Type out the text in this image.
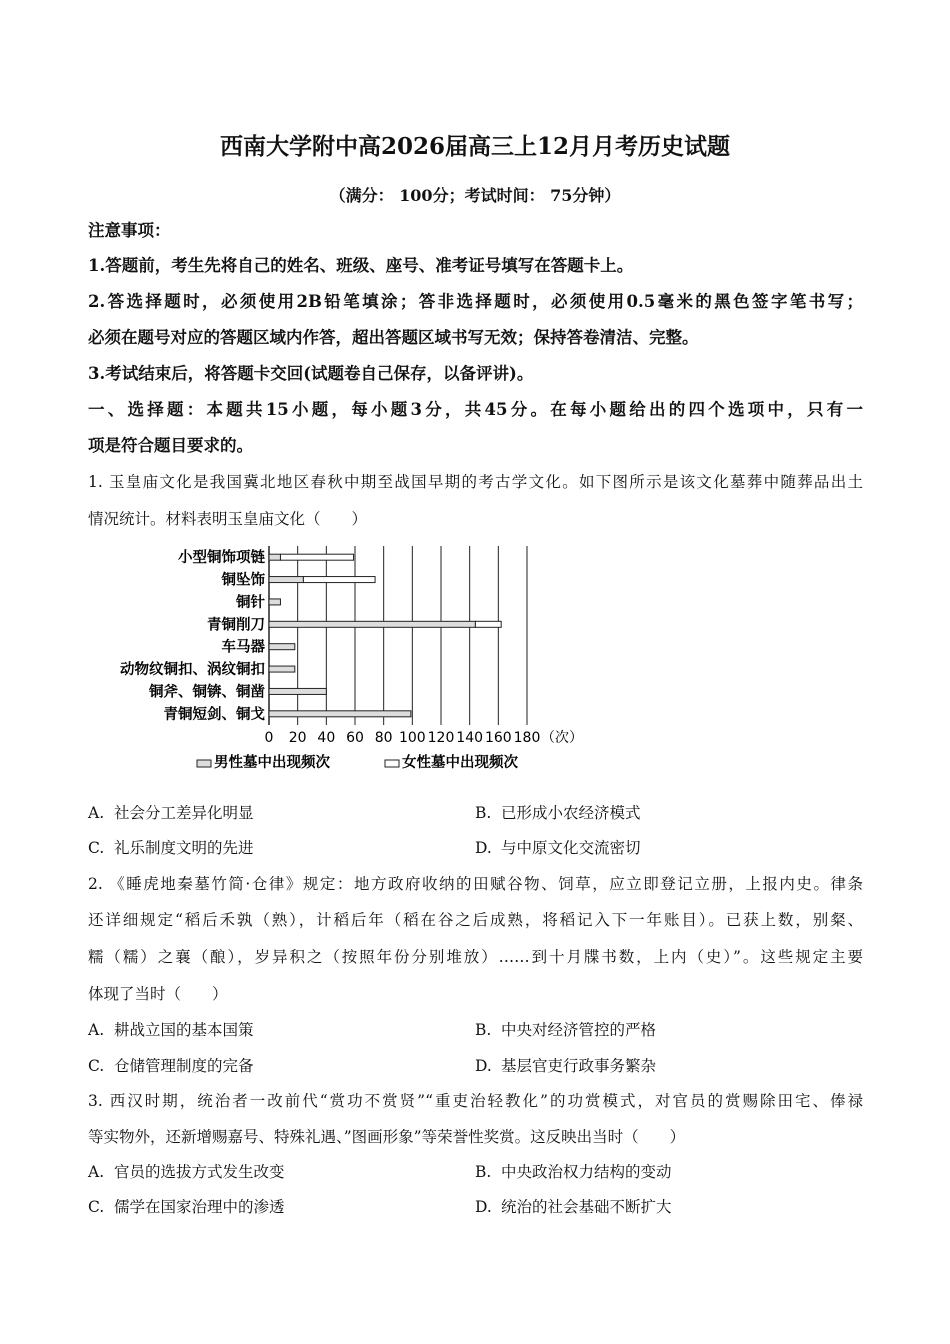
西南大学附中高2026届高三上12月月考历史试题
（满分： 100分；考试时间： 75分钟）
注意事项：
1.答题前，考生先将自己的姓名、班级、座号、准考证号填写在答题卡上。
2.答选择题时，必须使用2B铅笔填涂；答非选择题时，必须使用0.5毫米的黑色签字笔书写；
必须在题号对应的答题区域内作答，超出答题区域书写无效；保持答卷清洁、完整。
3.考试结束后，将答题卡交回(试题卷自己保存，以备评讲)。
一、选择题：本题共15小题，每小题3分，共45分。在每小题给出的四个选项中，只有一
项是符合题目要求的。
1. 玉皇庙文化是我国冀北地区春秋中期至战国早期的考古学文化。如下图所示是该文化墓葬中随葬品出土
情况统计。材料表明玉皇庙文化（　　）
0 20 40 60 80 100 120 140 160 180 （次）
小型铜饰项链
铜坠饰
铜针
青铜削刀
车马器
动物纹铜扣、涡纹铜扣
铜斧、铜锛、铜凿
青铜短剑、铜戈
男性墓中出现频次	女性墓中出现频次
A. 社会分工差异化明显	B. 已形成小农经济模式
C. 礼乐制度文明的先进	D. 与中原文化交流密切
2. 《睡虎地秦墓竹简·仓律》规定：地方政府收纳的田赋谷物、饲草，应立即登记立册，上报内史。律条
还详细规定“稻后禾孰（熟），计稻后年（稻在谷之后成熟，将稻记入下一年账目）。已获上数，别粲、
糯（糯）之襄（酿），岁异积之（按照年份分别堆放）……到十月牒书数，上内（史）”。这些规定主要
体现了当时（　　）
A. 耕战立国的基本国策	B. 中央对经济管控的严格
C. 仓储管理制度的完备	D. 基层官吏行政事务繁杂
3. 西汉时期，统治者一改前代“赏功不赏贤”“重吏治轻教化”的功赏模式，对官员的赏赐除田宅、俸禄
等实物外，还新增赐嘉号、特殊礼遇、”图画形象”等荣誉性奖赏。这反映出当时（　　）
A. 官员的选拔方式发生改变	B. 中央政治权力结构的变动
C. 儒学在国家治理中的渗透	D. 统治的社会基础不断扩大
